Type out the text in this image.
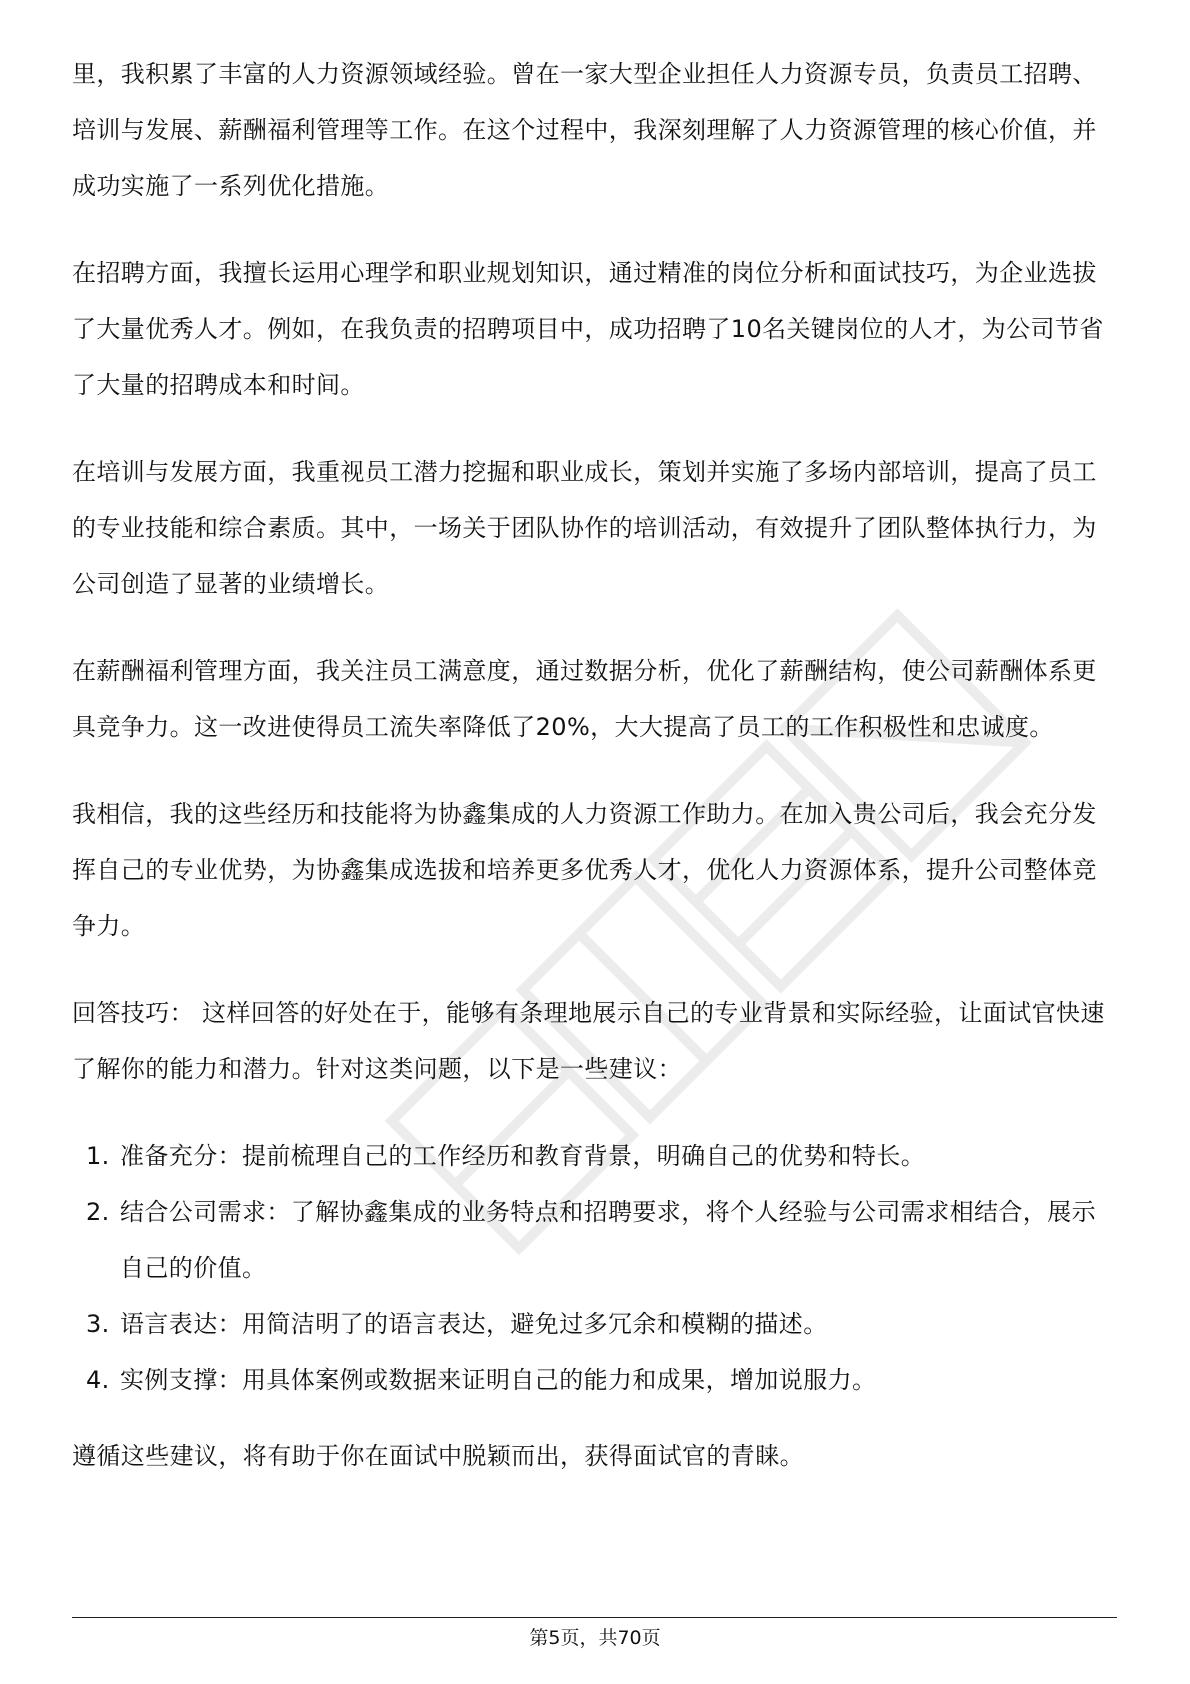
里，我积累了丰富的人力资源领域经验。曾在一家大型企业担任人力资源专员，负责员工招聘、培训与发展、薪酬福利管理等工作。在这个过程中，我深刻理解了人力资源管理的核心价值，并成功实施了一系列优化措施。

在招聘方面，我擅长运用心理学和职业规划知识，通过精准的岗位分析和面试技巧，为企业选拔了大量优秀人才。例如，在我负责的招聘项目中，成功招聘了10名关键岗位的人才，为公司节省了大量的招聘成本和时间。

在培训与发展方面，我重视员工潜力挖掘和职业成长，策划并实施了多场内部培训，提高了员工的专业技能和综合素质。其中，一场关于团队协作的培训活动，有效提升了团队整体执行力，为公司创造了显著的业绩增长。

在薪酬福利管理方面，我关注员工满意度，通过数据分析，优化了薪酬结构，使公司薪酬体系更具竞争力。这一改进使得员工流失率降低了20%，大大提高了员工的工作积极性和忠诚度。

我相信，我的这些经历和技能将为协鑫集成的人力资源工作助力。在加入贵公司后，我会充分发挥自己的专业优势，为协鑫集成选拔和培养更多优秀人才，优化人力资源体系，提升公司整体竞争力。

回答技巧： 这样回答的好处在于，能够有条理地展示自己的专业背景和实际经验，让面试官快速了解你的能力和潜力。针对这类问题，以下是一些建议：

1. 准备充分：提前梳理自己的工作经历和教育背景，明确自己的优势和特长。
2. 结合公司需求：了解协鑫集成的业务特点和招聘要求，将个人经验与公司需求相结合，展示自己的价值。
3. 语言表达：用简洁明了的语言表达，避免过多冗余和模糊的描述。
4. 实例支撑：用具体案例或数据来证明自己的能力和成果，增加说服力。

遵循这些建议，将有助于你在面试中脱颖而出，获得面试官的青睐。

第5页，共70页
